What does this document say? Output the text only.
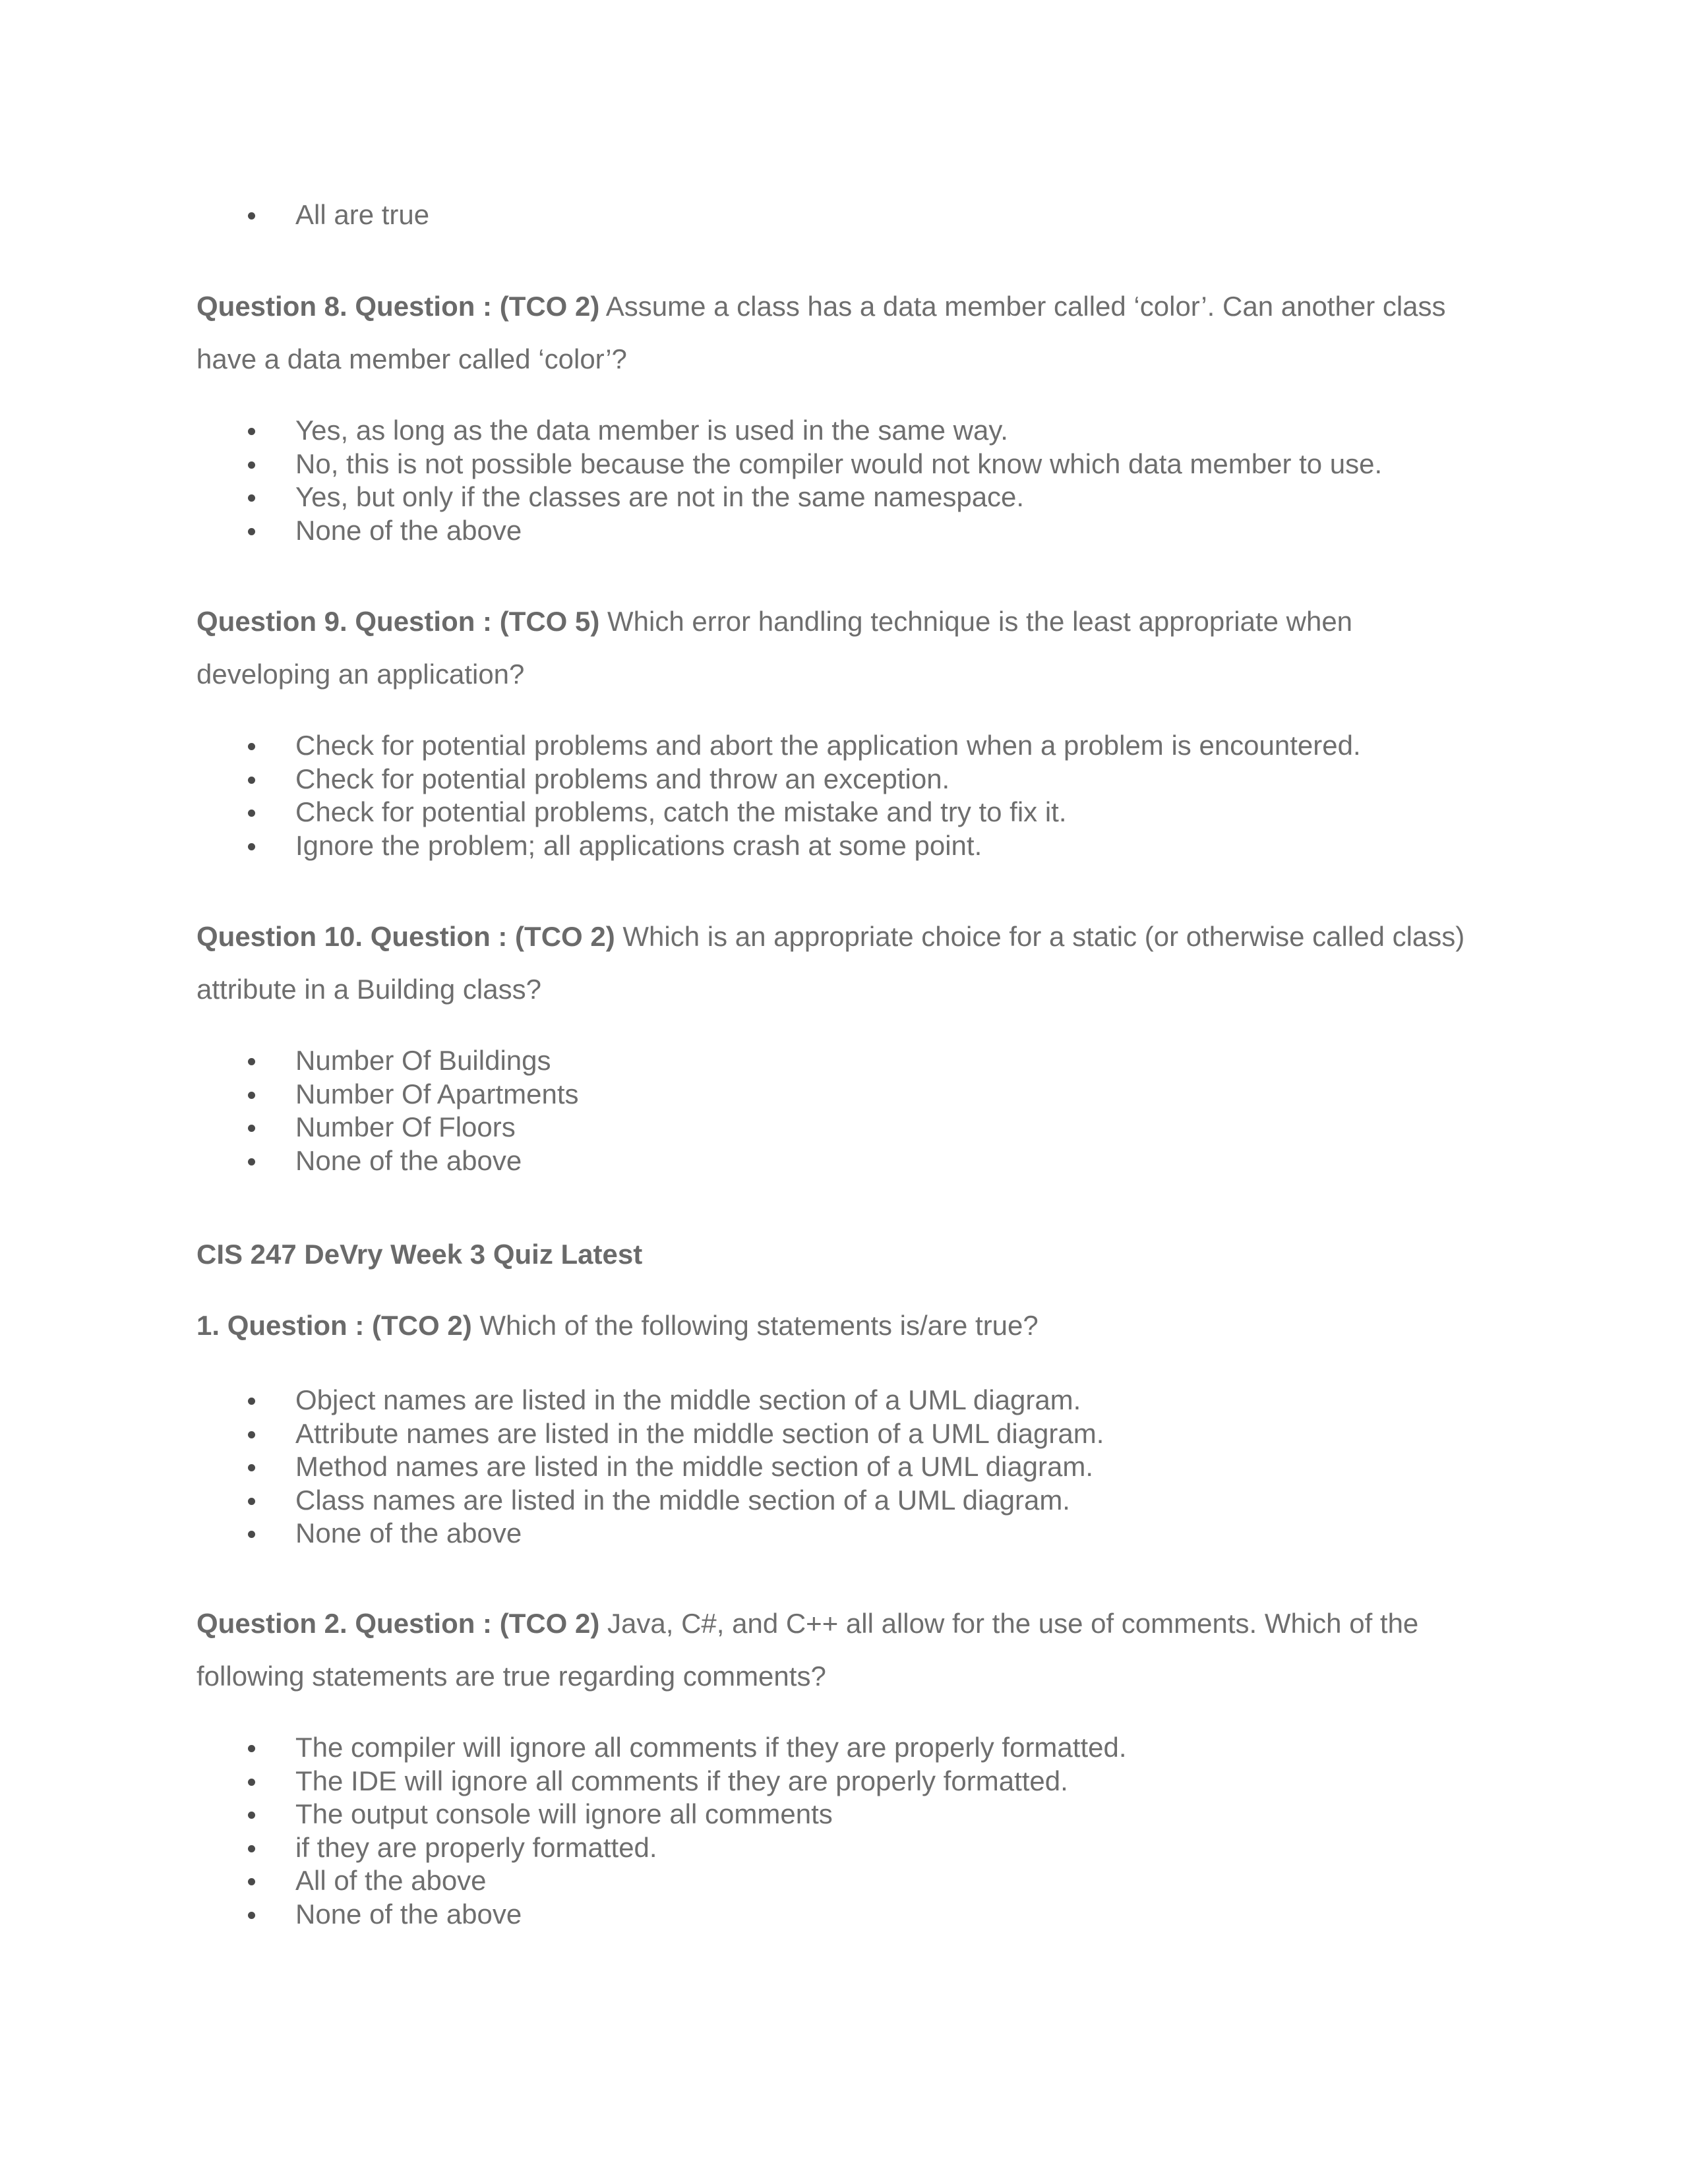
All are true

Question 8. Question : (TCO 2) Assume a class has a data member called ‘color’. Can another class have a data member called ‘color’?

Yes, as long as the data member is used in the same way.
No, this is not possible because the compiler would not know which data member to use.
Yes, but only if the classes are not in the same namespace.
None of the above

Question 9. Question : (TCO 5) Which error handling technique is the least appropriate when developing an application?

Check for potential problems and abort the application when a problem is encountered.
Check for potential problems and throw an exception.
Check for potential problems, catch the mistake and try to fix it.
Ignore the problem; all applications crash at some point.

Question 10. Question : (TCO 2) Which is an appropriate choice for a static (or otherwise called class) attribute in a Building class?

Number Of Buildings
Number Of Apartments
Number Of Floors
None of the above

CIS 247 DeVry Week 3 Quiz Latest

1. Question : (TCO 2) Which of the following statements is/are true?

Object names are listed in the middle section of a UML diagram.
Attribute names are listed in the middle section of a UML diagram.
Method names are listed in the middle section of a UML diagram.
Class names are listed in the middle section of a UML diagram.
None of the above

Question 2. Question : (TCO 2) Java, C#, and C++ all allow for the use of comments. Which of the following statements are true regarding comments?

The compiler will ignore all comments if they are properly formatted.
The IDE will ignore all comments if they are properly formatted.
The output console will ignore all comments
if they are properly formatted.
All of the above
None of the above
